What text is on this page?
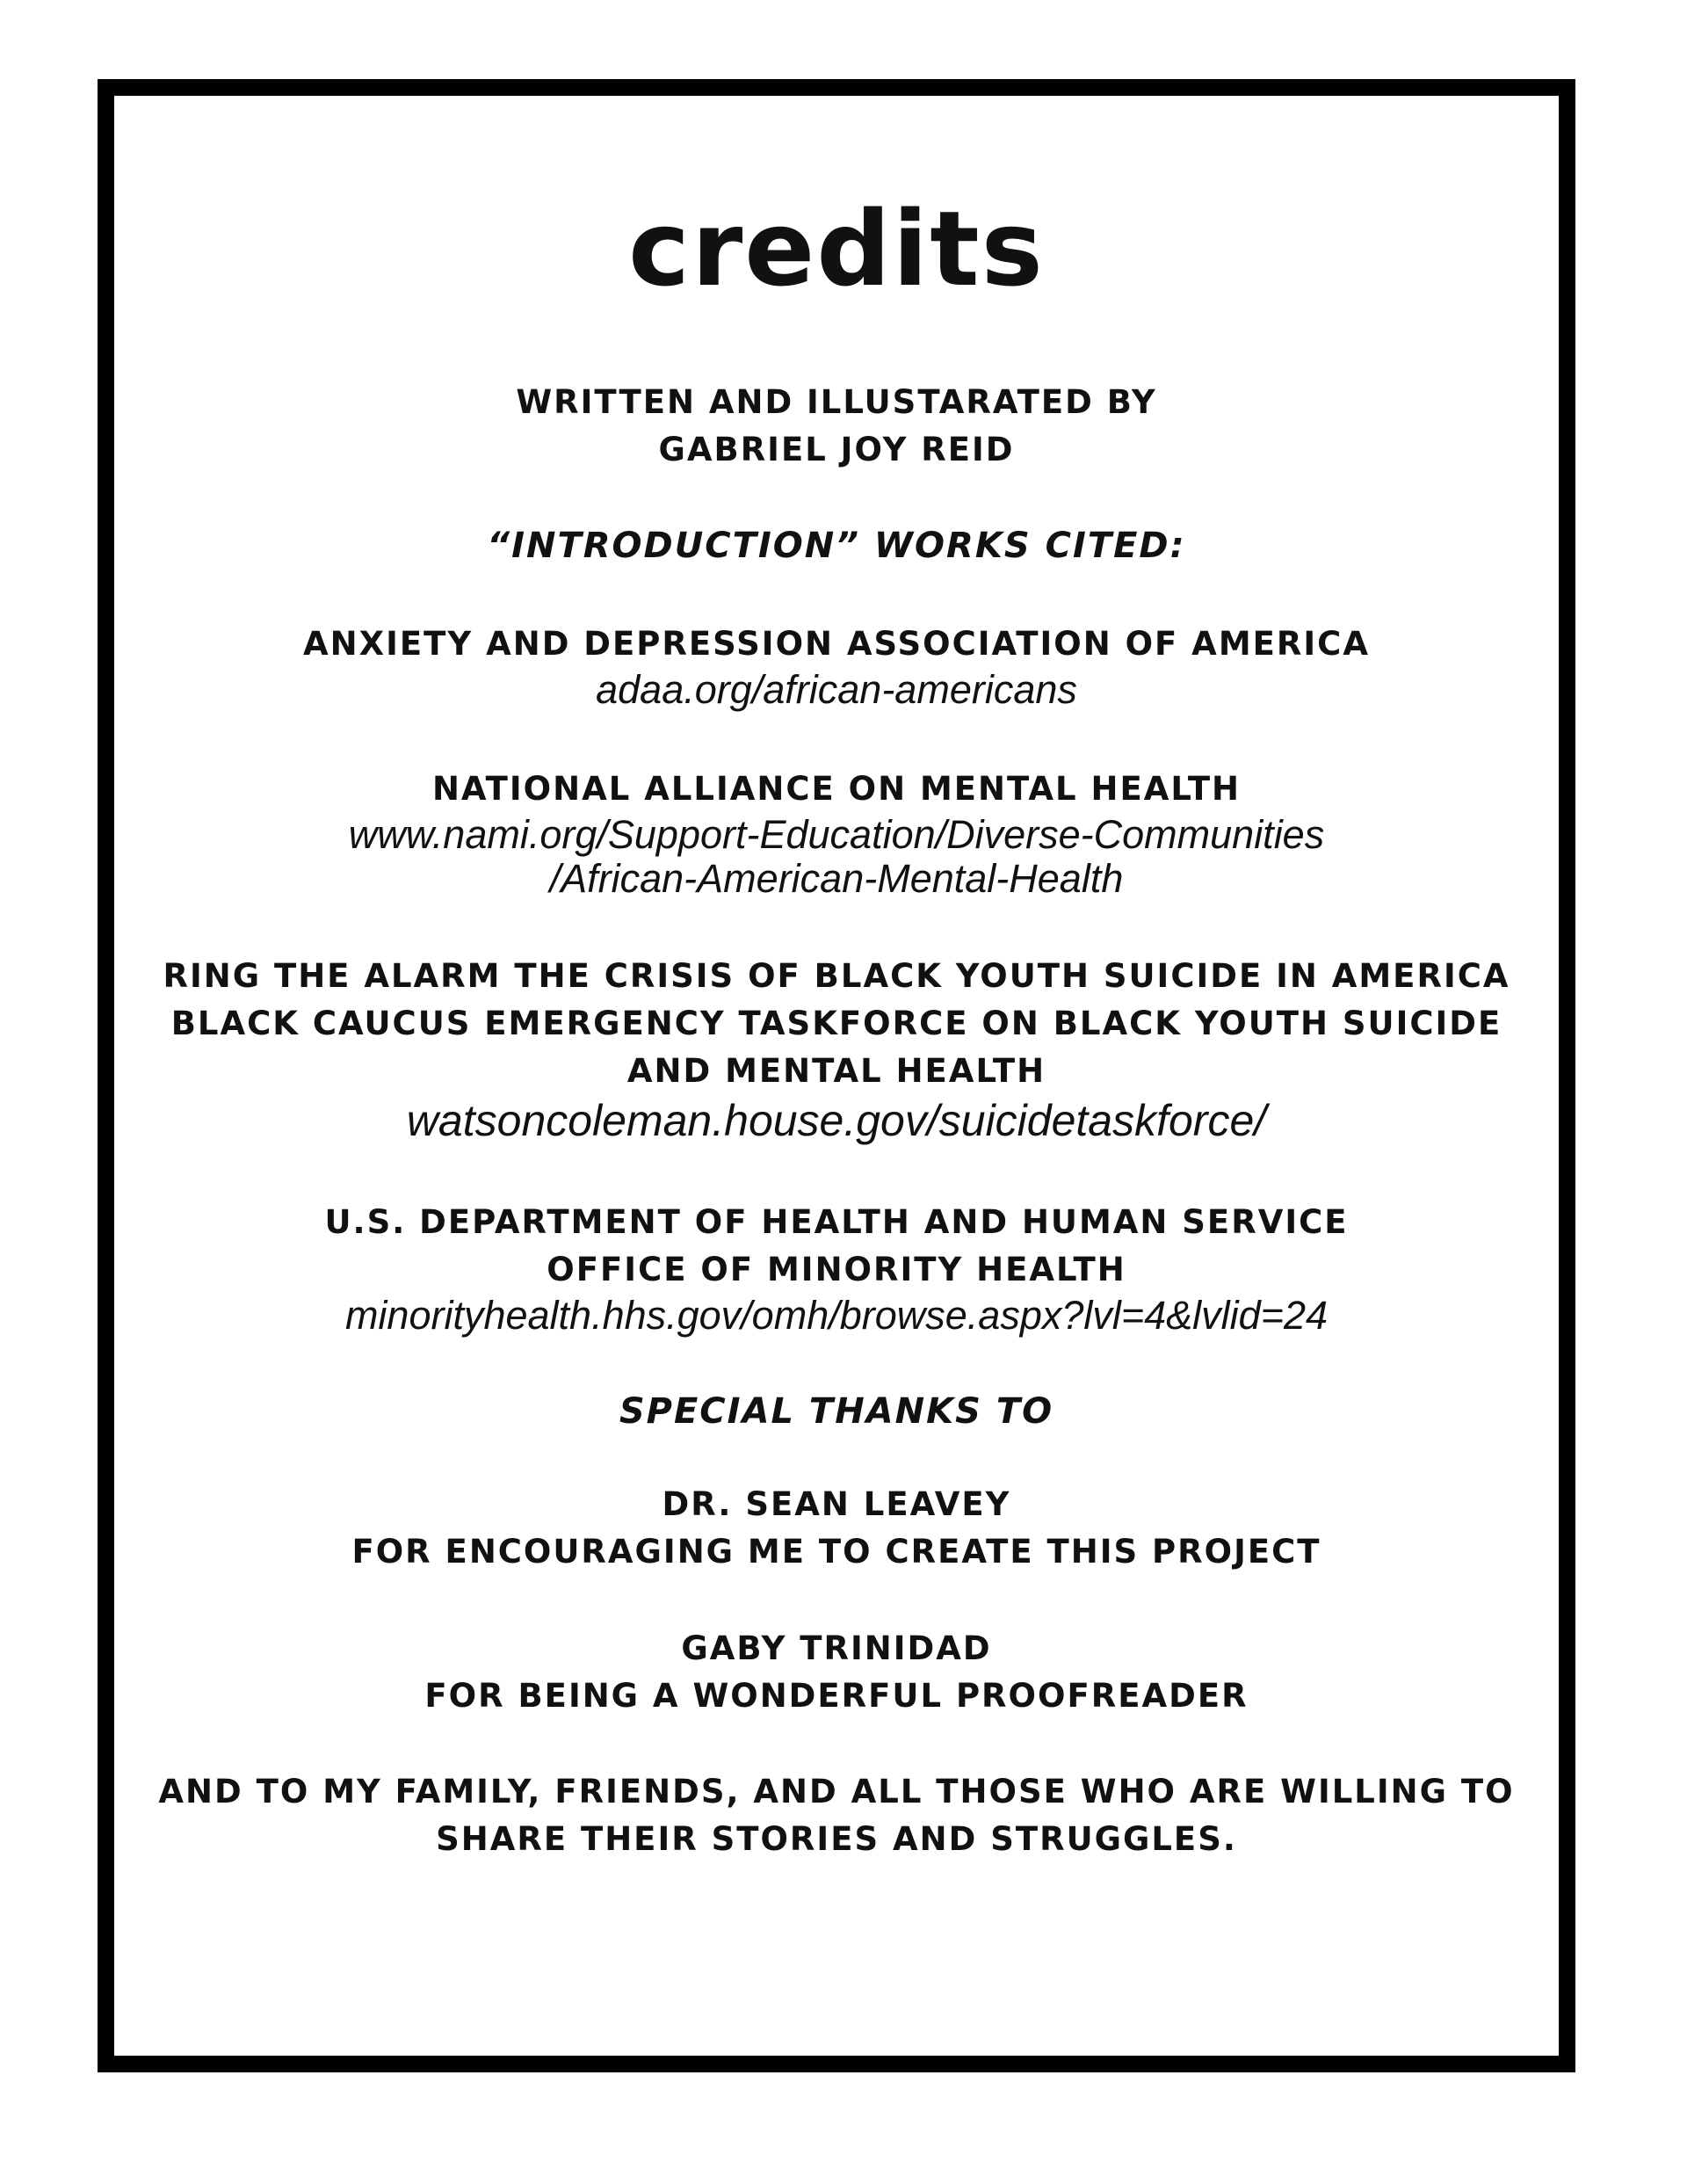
credits

WRITTEN AND ILLUSTARATED BY

GABRIEL JOY REID

“INTRODUCTION” WORKS CITED:

ANXIETY AND DEPRESSION ASSOCIATION OF AMERICA

adaa.org/african-americans

NATIONAL ALLIANCE ON MENTAL HEALTH

www.nami.org/Support-Education/Diverse-Communities

/African-American-Mental-Health

RING THE ALARM THE CRISIS OF BLACK YOUTH SUICIDE IN AMERICA

BLACK CAUCUS EMERGENCY TASKFORCE ON BLACK YOUTH SUICIDE

AND MENTAL HEALTH

watsoncoleman.house.gov/suicidetaskforce/

U.S. DEPARTMENT OF HEALTH AND HUMAN SERVICE

OFFICE OF MINORITY HEALTH

minorityhealth.hhs.gov/omh/browse.aspx?lvl=4&lvlid=24

SPECIAL THANKS TO

DR. SEAN LEAVEY

FOR ENCOURAGING ME TO CREATE THIS PROJECT

GABY TRINIDAD

FOR BEING A WONDERFUL PROOFREADER

AND TO MY FAMILY, FRIENDS, AND ALL THOSE WHO ARE WILLING TO

SHARE THEIR STORIES AND STRUGGLES.
